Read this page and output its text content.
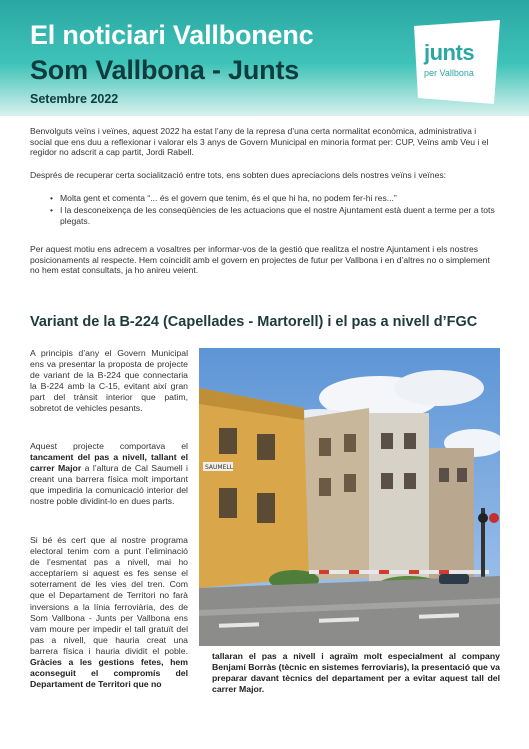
El noticiari Vallbonenc
Som Vallbona - Junts
Setembre 2022
junts
per Vallbona

Benvolguts veïns i veïnes, aquest 2022 ha estat l’any de la represa d’una certa normalitat econòmica, administrativa i social que ens duu a reflexionar i valorar els 3 anys de Govern Municipal en minoria format per: CUP, Veïns amb Veu i el regidor no adscrit a cap partit, Jordi Rabell.

Després de recuperar certa socialització entre tots, ens sobten dues apreciacions dels nostres veïns i veïnes:

• Molta gent et comenta “... és el govern que tenim, és el que hi ha, no podem fer-hi res...”

• I la desconeixença de les conseqüències de les actuacions que el nostre Ajuntament està duent a terme per a tots plegats.

Per aquest motiu ens adrecem a vosaltres per informar-vos de la gestió que realitza el nostre Ajuntament i els nostres posicionaments al respecte. Hem coincidit amb el govern en projectes de futur per Vallbona i en d’altres no o simplement no hem estat consultats, ja ho anireu veient.

Variant de la B-224 (Capellades - Martorell) i el pas a nivell d’FGC

A principis d’any el Govern Municipal ens va presentar la proposta de projecte de variant de la B-224 que connectaria la B-224 amb la C-15, evitant així gran part del trànsit interior que patim, sobretot de vehicles pesants.

Aquest projecte comportava el tancament del pas a nivell, tallant el carrer Major a l’altura de Cal Saumell i creant una barrera física molt important que impediria la comunicació interior del nostre poble dividint-lo en dues parts.

Si bé és cert que al nostre programa electoral tenim com a punt l’eliminació de l’esmentat pas a nivell, mai ho acceptaríem si aquest es fes sense el soterrament de les vies del tren. Com que el Departament de Territori no farà inversions a la línia ferroviària, des de Som Vallbona - Junts per Vallbona ens vam moure per impedir el tall gratuït del pas a nivell, que hauria creat una barrera física i hauria dividit el poble. Gràcies a les gestions fetes, hem aconseguit el compromís del Departament de Territori que no

SAUMELL

tallaran el pas a nivell i agraïm molt especialment al company Benjamí Borràs (tècnic en sistemes ferroviaris), la presentació que va preparar davant tècnics del departament per a evitar aquest tall del carrer Major.
